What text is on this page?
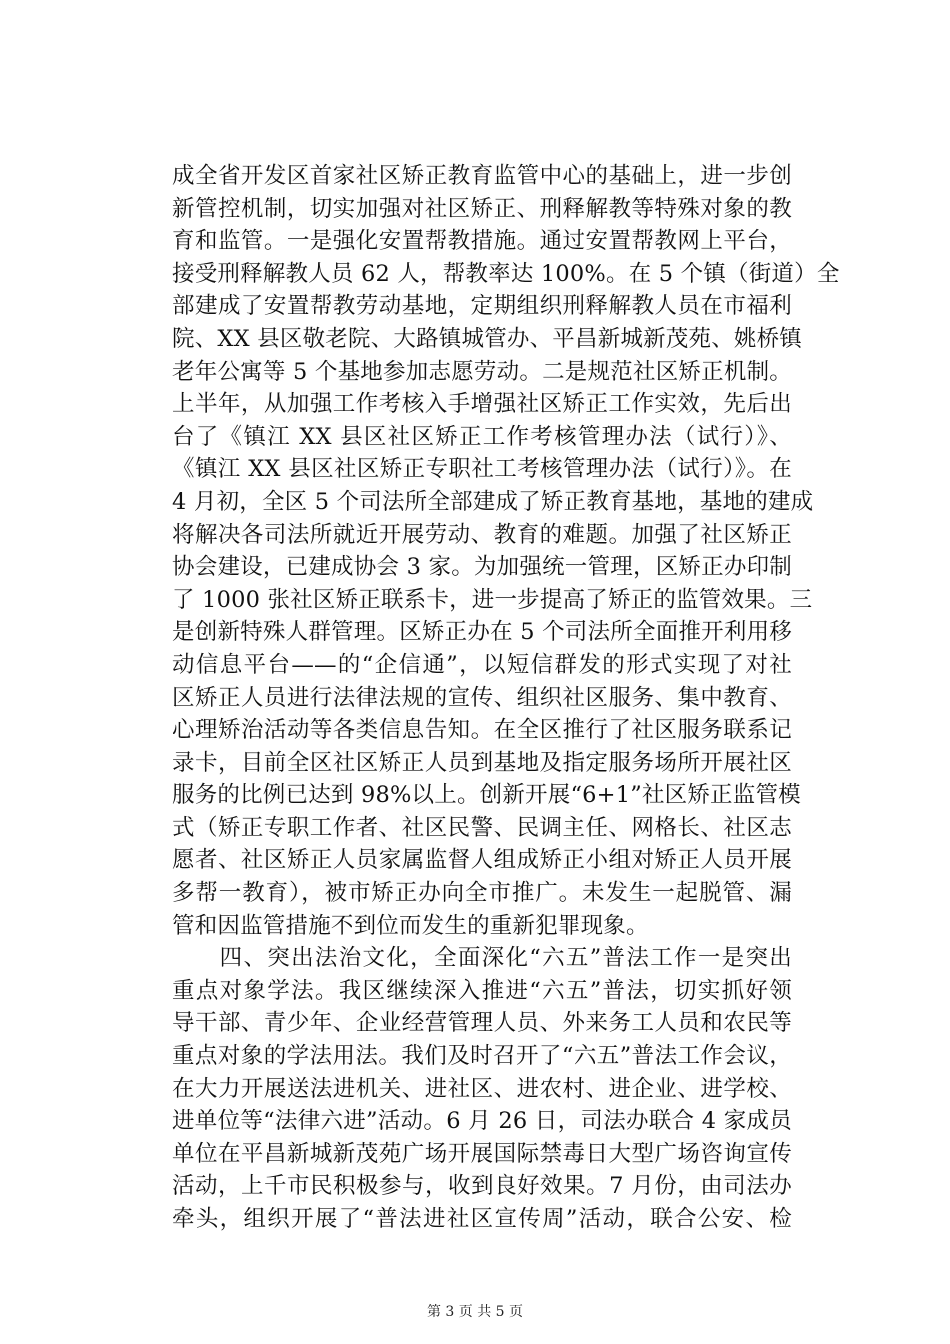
成全省开发区首家社区矫正教育监管中心的基础上，进一步创
新管控机制，切实加强对社区矫正、刑释解教等特殊对象的教
育和监管。一是强化安置帮教措施。通过安置帮教网上平台，
接受刑释解教人员 62 人，帮教率达 100%。在 5 个镇（街道）全
部建成了安置帮教劳动基地，定期组织刑释解教人员在市福利
院、XX 县区敬老院、大路镇城管办、平昌新城新茂苑、姚桥镇
老年公寓等 5 个基地参加志愿劳动。二是规范社区矫正机制。
上半年，从加强工作考核入手增强社区矫正工作实效，先后出
台了《镇江 XX 县区社区矫正工作考核管理办法（试行）》、
《镇江 XX 县区社区矫正专职社工考核管理办法（试行）》。在
4 月初，全区 5 个司法所全部建成了矫正教育基地，基地的建成
将解决各司法所就近开展劳动、教育的难题。加强了社区矫正
协会建设，已建成协会 3 家。为加强统一管理，区矫正办印制
了 1000 张社区矫正联系卡，进一步提高了矫正的监管效果。三
是创新特殊人群管理。区矫正办在 5 个司法所全面推开利用移
动信息平台——的“企信通”，以短信群发的形式实现了对社
区矫正人员进行法律法规的宣传、组织社区服务、集中教育、
心理矫治活动等各类信息告知。在全区推行了社区服务联系记
录卡，目前全区社区矫正人员到基地及指定服务场所开展社区
服务的比例已达到 98%以上。创新开展“6+1”社区矫正监管模
式（矫正专职工作者、社区民警、民调主任、网格长、社区志
愿者、社区矫正人员家属监督人组成矫正小组对矫正人员开展
多帮一教育），被市矫正办向全市推广。未发生一起脱管、漏
管和因监管措施不到位而发生的重新犯罪现象。
　　四、突出法治文化，全面深化“六五”普法工作一是突出
重点对象学法。我区继续深入推进“六五”普法，切实抓好领
导干部、青少年、企业经营管理人员、外来务工人员和农民等
重点对象的学法用法。我们及时召开了“六五”普法工作会议，
在大力开展送法进机关、进社区、进农村、进企业、进学校、
进单位等“法律六进”活动。6 月 26 日，司法办联合 4 家成员
单位在平昌新城新茂苑广场开展国际禁毒日大型广场咨询宣传
活动，上千市民积极参与，收到良好效果。7 月份，由司法办
牵头，组织开展了“普法进社区宣传周”活动，联合公安、检
第 3 页 共 5 页
